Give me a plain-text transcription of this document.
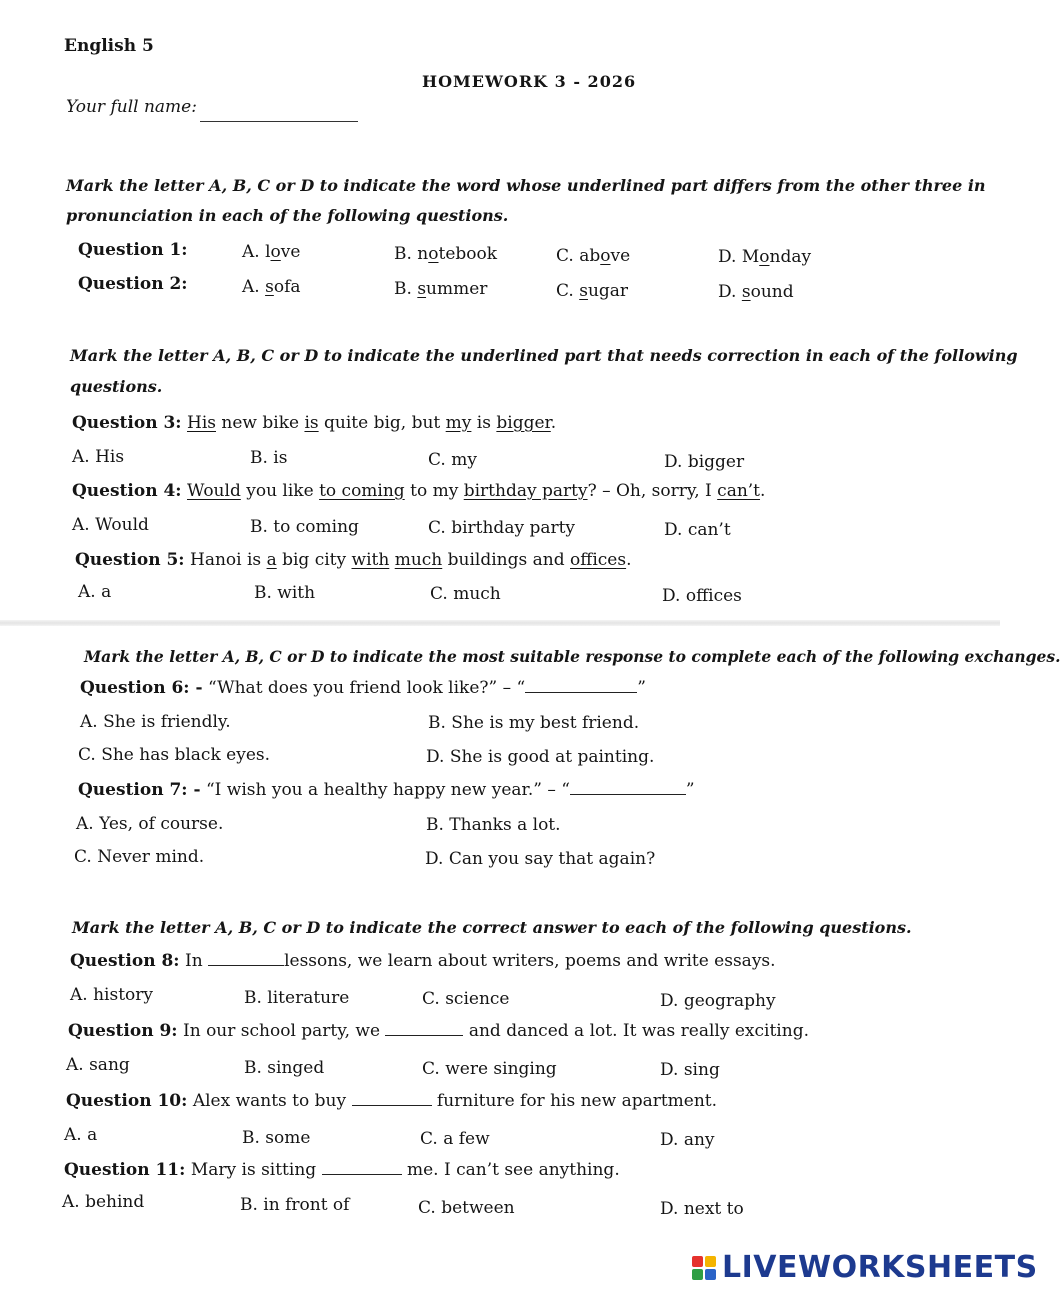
English 5
HOMEWORK 3 - 2026
Your full name:
Mark the letter A, B, C or D to indicate the word whose underlined part differs from the other three in
pronunciation in each of the following questions.
Question 1:	A. love	B. notebook	C. above	D. Monday
Question 2:	A. sofa	B. summer	C. sugar	D. sound
Mark the letter A, B, C or D to indicate the underlined part that needs correction in each of the following
questions.
Question 3: His new bike is quite big, but my is bigger.
A. His	B. is	C. my	D. bigger
Question 4: Would you like to coming to my birthday party? – Oh, sorry, I can’t.
A. Would	B. to coming	C. birthday party	D. can’t
Question 5: Hanoi is a big city with much buildings and offices.
A. a	B. with	C. much	D. offices
Mark the letter A, B, C or D to indicate the most suitable response to complete each of the following exchanges.
Question 6: - “What does you friend look like?” – “	”
A. She is friendly.	B. She is my best friend.
C. She has black eyes.	D. She is good at painting.
Question 7: - “I wish you a healthy happy new year.” – “	”
A. Yes, of course.	B. Thanks a lot.
C. Never mind.	D. Can you say that again?
Mark the letter A, B, C or D to indicate the correct answer to each of the following questions.
Question 8: In	lessons, we learn about writers, poems and write essays.
A. history	B. literature	C. science	D. geography
Question 9: In our school party, we	and danced a lot. It was really exciting.
A. sang	B. singed	C. were singing	D. sing
Question 10: Alex wants to buy	furniture for his new apartment.
A. a	B. some	C. a few	D. any
Question 11: Mary is sitting	me. I can’t see anything.
A. behind	B. in front of	C. between	D. next to
LIVEWORKSHEETS
